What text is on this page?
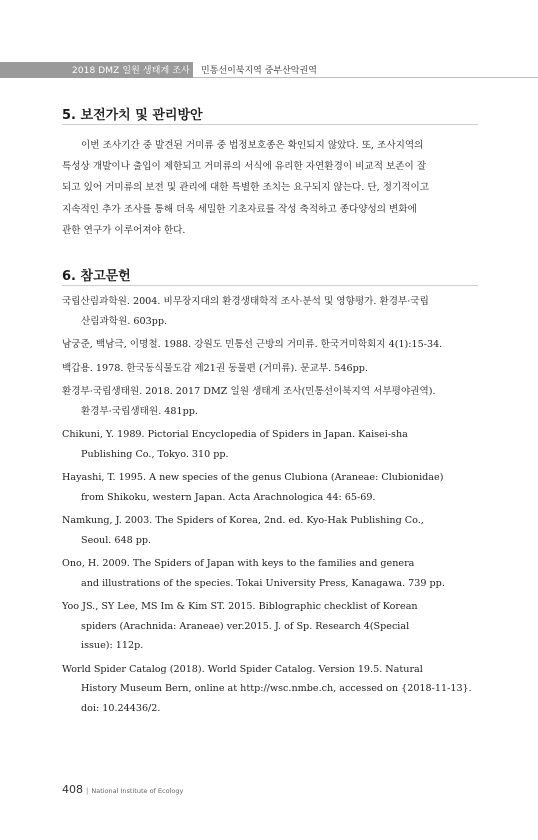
2018 DMZ 일원 생태계 조사 민통선이북지역 중부산악권역
5. 보전가치 및 관리방안
이번 조사기간 중 발견된 거미류 중 법정보호종은 확인되지 않았다. 또, 조사지역의
특성상 개발이나 출입이 제한되고 거미류의 서식에 유리한 자연환경이 비교적 보존이 잘
되고 있어 거미류의 보전 및 관리에 대한 특별한 조치는 요구되지 않는다. 단, 정기적이고
지속적인 추가 조사를 통해 더욱 세밀한 기초자료를 작성 축적하고 종다양성의 변화에
관한 연구가 이루어져야 한다.
6. 참고문헌
국립산림과학원. 2004. 비무장지대의 환경생태학적 조사·분석 및 영향평가. 환경부·국립
산림과학원. 603pp.
남궁준, 백남극, 이명철. 1988. 강원도 민통선 근방의 거미류. 한국거미학회지 4(1):15-34.
백갑용. 1978. 한국동식물도감 제21권 동물편 (거미류). 문교부. 546pp.
환경부·국립생태원. 2018. 2017 DMZ 일원 생태계 조사(민통선이북지역 서부평야권역).
환경부·국립생태원. 481pp.
Chikuni, Y. 1989. Pictorial Encyclopedia of Spiders in Japan. Kaisei-sha
Publishing Co., Tokyo. 310 pp.
Hayashi, T. 1995. A new species of the genus Clubiona (Araneae: Clubionidae)
from Shikoku, western Japan. Acta Arachnologica 44: 65-69.
Namkung, J. 2003. The Spiders of Korea, 2nd. ed. Kyo-Hak Publishing Co.,
Seoul. 648 pp.
Ono, H. 2009. The Spiders of Japan with keys to the families and genera
and illustrations of the species. Tokai University Press, Kanagawa. 739 pp.
Yoo JS., SY Lee, MS Im & Kim ST. 2015. Biblographic checklist of Korean
spiders (Arachnida: Araneae) ver.2015. J. of Sp. Research 4(Special
issue): 112p.
World Spider Catalog (2018). World Spider Catalog. Version 19.5. Natural
History Museum Bern, online at http://wsc.nmbe.ch, accessed on {2018-11-13}.
doi: 10.24436/2.
408 | National Institute of Ecology
